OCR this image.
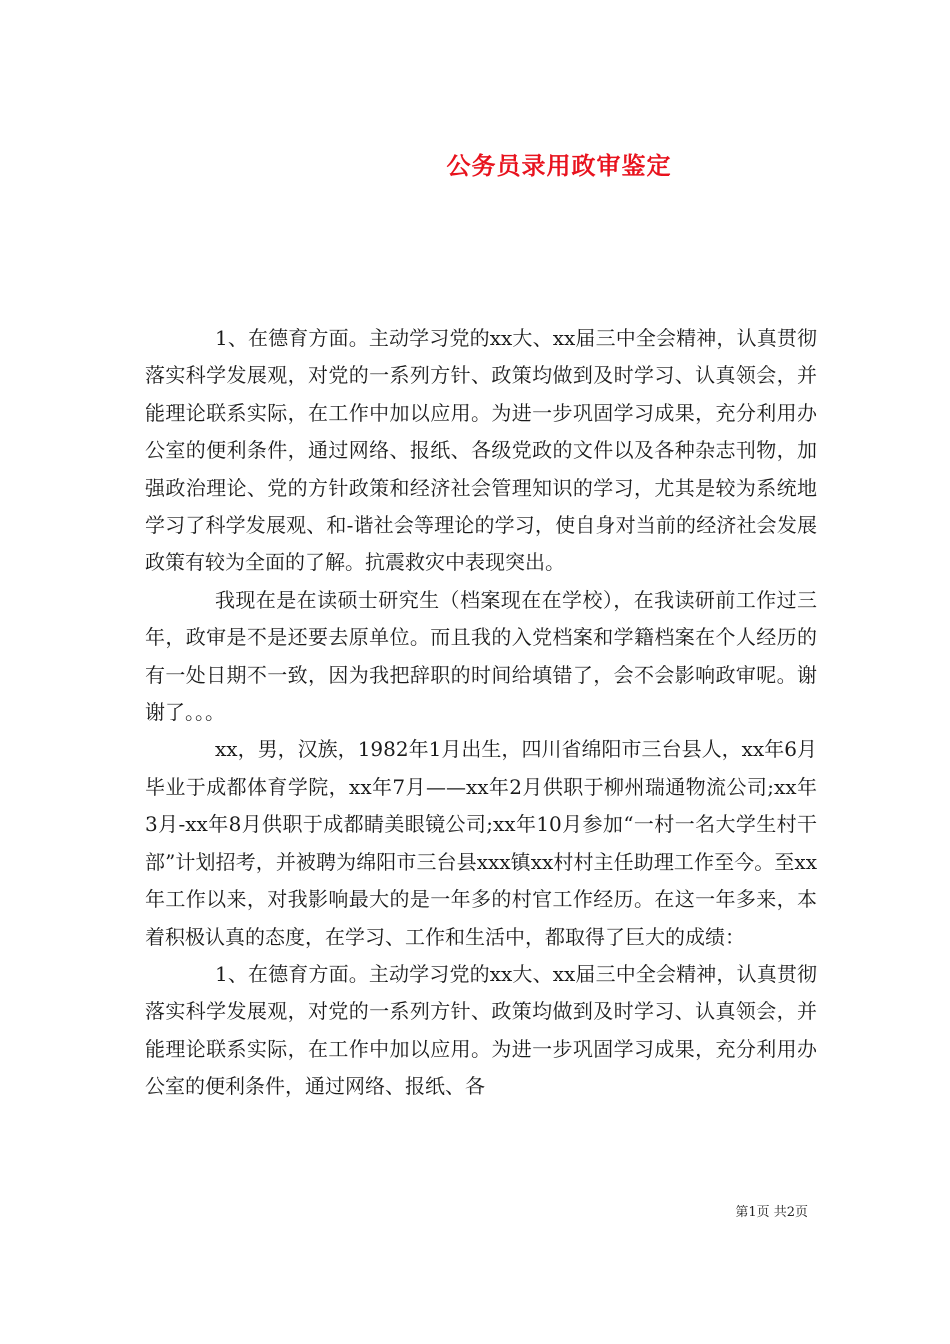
公务员录用政审鉴定

1、在德育方面。主动学习党的xx大、xx届三中全会精神，认真贯彻落实科学发展观，对党的一系列方针、政策均做到及时学习、认真领会，并能理论联系实际，在工作中加以应用。为进一步巩固学习成果，充分利用办公室的便利条件，通过网络、报纸、各级党政的文件以及各种杂志刊物，加强政治理论、党的方针政策和经济社会管理知识的学习，尤其是较为系统地学习了科学发展观、和-谐社会等理论的学习，使自身对当前的经济社会发展政策有较为全面的了解。抗震救灾中表现突出。

我现在是在读硕士研究生（档案现在在学校），在我读研前工作过三年，政审是不是还要去原单位。而且我的入党档案和学籍档案在个人经历的有一处日期不一致，因为我把辞职的时间给填错了，会不会影响政审呢。谢谢了。。。

xx，男，汉族，1982年1月出生，四川省绵阳市三台县人，xx年6月毕业于成都体育学院，xx年7月——xx年2月供职于柳州瑞通物流公司;xx年3月-xx年8月供职于成都睛美眼镜公司;xx年10月参加“一村一名大学生村干部”计划招考，并被聘为绵阳市三台县xxx镇xx村村主任助理工作至今。至xx年工作以来，对我影响最大的是一年多的村官工作经历。在这一年多来，本着积极认真的态度，在学习、工作和生活中，都取得了巨大的成绩：

1、在德育方面。主动学习党的xx大、xx届三中全会精神，认真贯彻落实科学发展观，对党的一系列方针、政策均做到及时学习、认真领会，并能理论联系实际，在工作中加以应用。为进一步巩固学习成果，充分利用办公室的便利条件，通过网络、报纸、各

第1页 共2页
